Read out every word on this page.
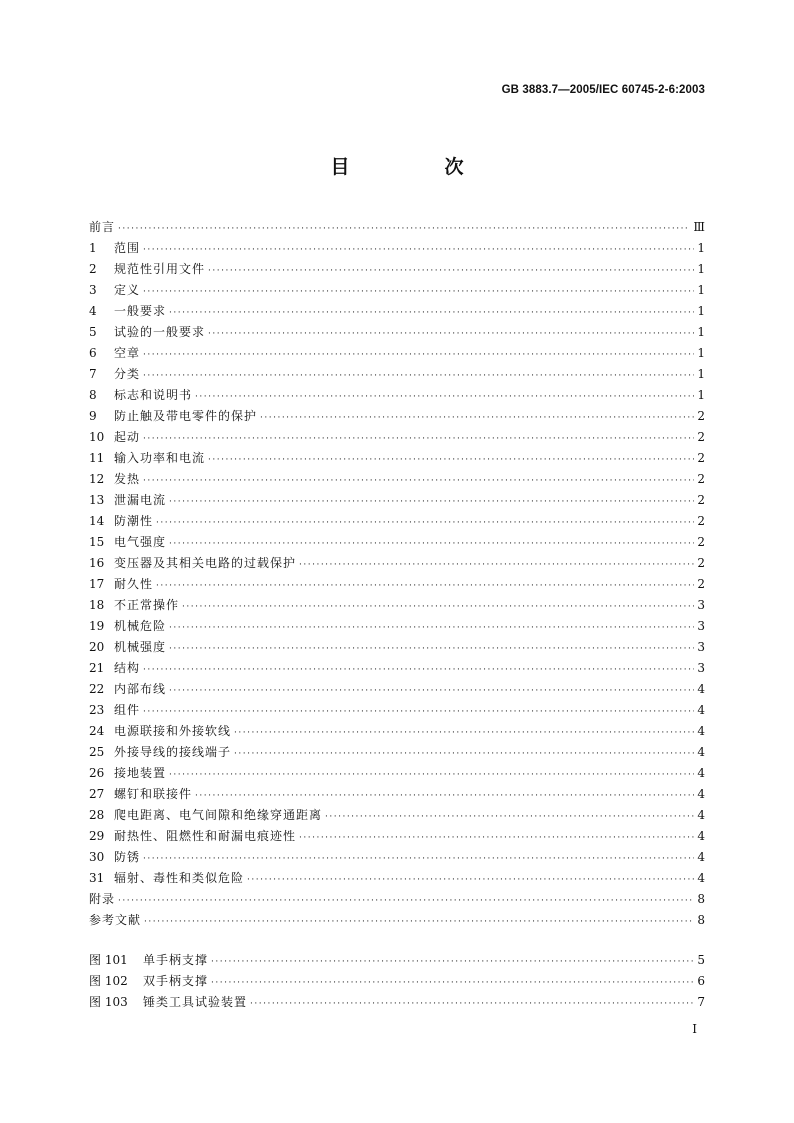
GB 3883.7—2005/IEC 60745-2-6:2003
目　次
前言 ·····	Ⅲ
1	范围 ·····	1
2	规范性引用文件 ·····	1
3	定义 ·····	1
4	一般要求 ·····	1
5	试验的一般要求 ·····	1
6	空章 ·····	1
7	分类 ·····	1
8	标志和说明书 ·····	1
9	防止触及带电零件的保护 ·····	2
10 起动 ·····	2
11 输入功率和电流 ·····	2
12 发热 ·····	2
13 泄漏电流 ·····	2
14 防潮性 ·····	2
15 电气强度 ·····	2
16 变压器及其相关电路的过载保护 ·····	2
17 耐久性 ·····	2
18 不正常操作 ·····	3
19 机械危险 ·····	3
20 机械强度 ·····	3
21 结构 ·····	3
22 内部布线 ·····	4
23 组件 ·····	4
24 电源联接和外接软线 ·····	4
25 外接导线的接线端子 ·····	4
26 接地装置 ·····	4
27 螺钉和联接件 ·····	4
28 爬电距离、电气间隙和绝缘穿通距离 ·····	4
29 耐热性、阻燃性和耐漏电痕迹性 ·····	4
30 防锈 ·····	4
31 辐射、毒性和类似危险 ·····	4
附录 ·····	8
参考文献 ·····	8
图 101	单手柄支撑 ·····	5
图 102	双手柄支撑 ·····	6
图 103	锤类工具试验装置 ·····	7
I
